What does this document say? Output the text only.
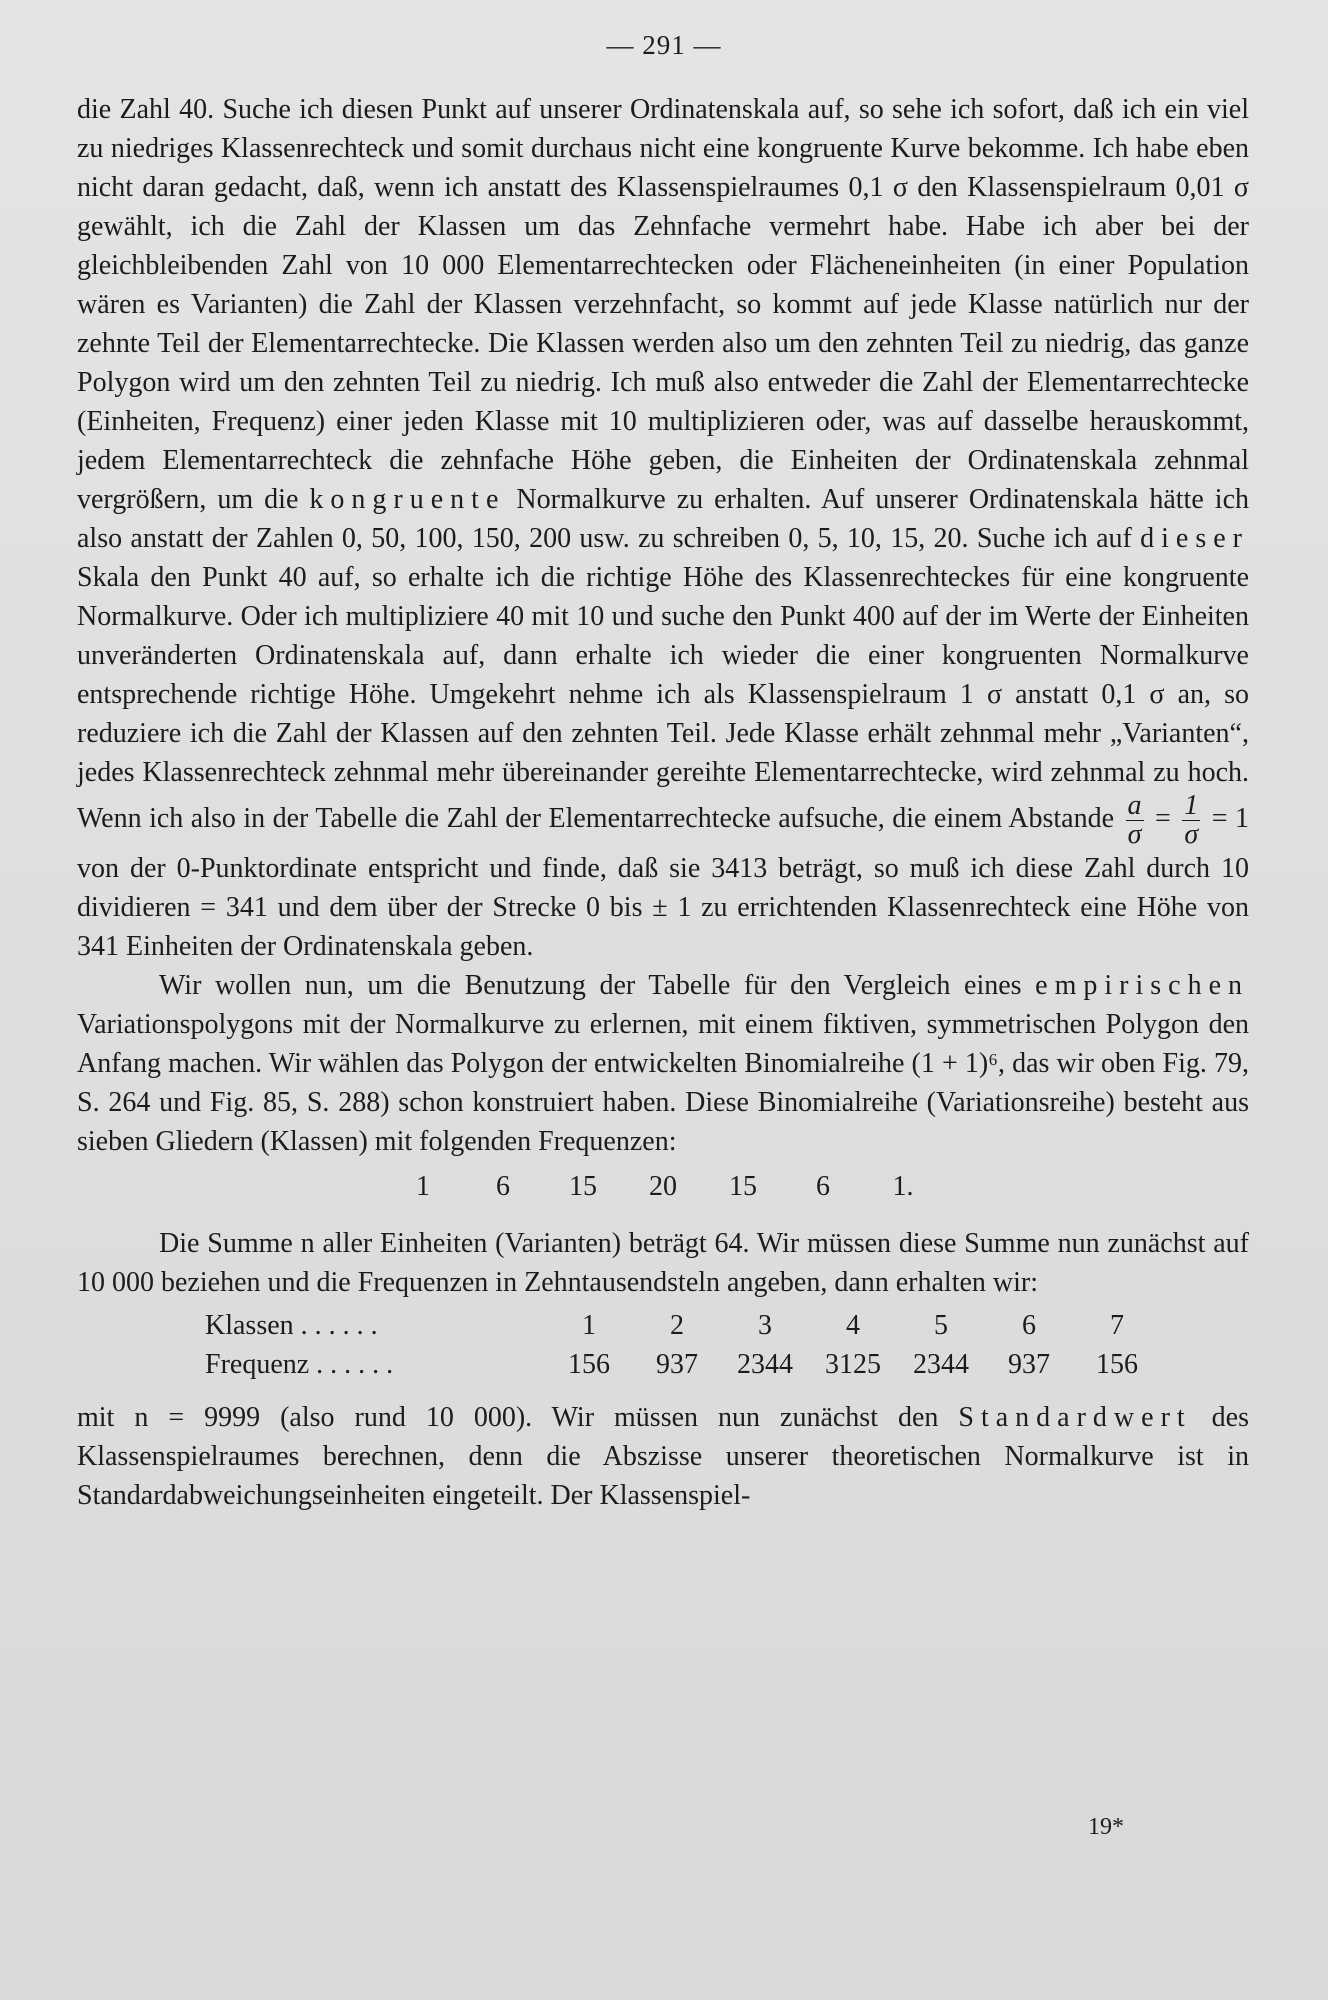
— 291 —

die Zahl 40. Suche ich diesen Punkt auf unserer Ordinatenskala auf, so sehe ich sofort, daß ich ein viel zu niedriges Klassenrechteck und somit durchaus nicht eine kongruente Kurve bekomme. Ich habe eben nicht daran gedacht, daß, wenn ich anstatt des Klassenspielraumes 0,1 σ den Klassenspielraum 0,01 σ gewählt, ich die Zahl der Klassen um das Zehnfache vermehrt habe. Habe ich aber bei der gleichbleibenden Zahl von 10 000 Elementarrechtecken oder Flächeneinheiten (in einer Population wären es Varianten) die Zahl der Klassen verzehnfacht, so kommt auf jede Klasse natürlich nur der zehnte Teil der Elementarrechtecke. Die Klassen werden also um den zehnten Teil zu niedrig, das ganze Polygon wird um den zehnten Teil zu niedrig. Ich muß also entweder die Zahl der Elementarrechtecke (Einheiten, Frequenz) einer jeden Klasse mit 10 multiplizieren oder, was auf dasselbe herauskommt, jedem Elementarrechteck die zehnfache Höhe geben, die Einheiten der Ordinatenskala zehnmal vergrößern, um die kongruente Normalkurve zu erhalten. Auf unserer Ordinatenskala hätte ich also anstatt der Zahlen 0, 50, 100, 150, 200 usw. zu schreiben 0, 5, 10, 15, 20. Suche ich auf dieser Skala den Punkt 40 auf, so erhalte ich die richtige Höhe des Klassenrechteckes für eine kongruente Normalkurve. Oder ich multipliziere 40 mit 10 und suche den Punkt 400 auf der im Werte der Einheiten unveränderten Ordinatenskala auf, dann erhalte ich wieder die einer kongruenten Normalkurve entsprechende richtige Höhe. Umgekehrt nehme ich als Klassenspielraum 1 σ anstatt 0,1 σ an, so reduziere ich die Zahl der Klassen auf den zehnten Teil. Jede Klasse erhält zehnmal mehr „Varianten“, jedes Klassenrechteck zehnmal mehr übereinander gereihte Elementarrechtecke, wird zehnmal zu hoch. Wenn ich also in der Tabelle die Zahl der Elementarrechtecke aufsuche, die einem Abstande $\frac{a}{\sigma} = \frac{1}{\sigma} = 1$ von der 0-Punktordinate entspricht und finde, daß sie 3413 beträgt, so muß ich diese Zahl durch 10 dividieren = 341 und dem über der Strecke 0 bis ± 1 zu errichtenden Klassenrechteck eine Höhe von 341 Einheiten der Ordinatenskala geben.

Wir wollen nun, um die Benutzung der Tabelle für den Vergleich eines empirischen Variationspolygons mit der Normalkurve zu erlernen, mit einem fiktiven, symmetrischen Polygon den Anfang machen. Wir wählen das Polygon der entwickelten Binomialreihe (1 + 1)⁶, das wir oben Fig. 79, S. 264 und Fig. 85, S. 288) schon konstruiert haben. Diese Binomialreihe (Variationsreihe) besteht aus sieben Gliedern (Klassen) mit folgenden Frequenzen:

1 6 15 20 15 6 1.

Die Summe n aller Einheiten (Varianten) beträgt 64. Wir müssen diese Summe nun zunächst auf 10 000 beziehen und die Frequenzen in Zehntausendsteln angeben, dann erhalten wir:

Klassen . . . . . .	1	2	3	4	5	6	7
Frequenz . . . . . .	156	937	2344	3125	2344	937	156

mit n = 9999 (also rund 10 000). Wir müssen nun zunächst den Standardwert des Klassenspielraumes berechnen, denn die Abszisse unserer theoretischen Normalkurve ist in Standardabweichungseinheiten eingeteilt. Der Klassenspiel-

19*
